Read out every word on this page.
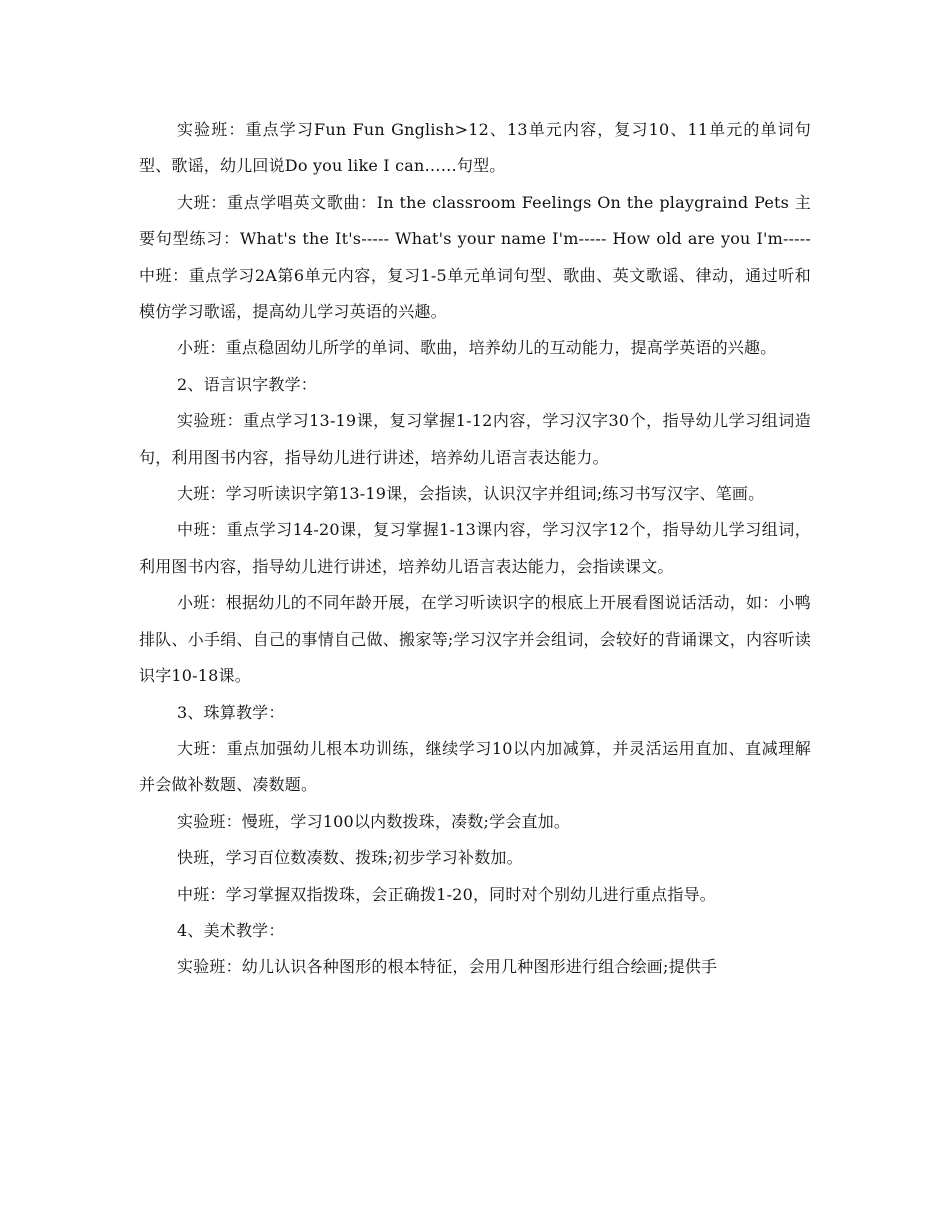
实验班：重点学习Fun Fun Gnglish>12、13单元内容，复习10、11单元的单词句型、歌谣，幼儿回说Do you like I can……句型。

大班：重点学唱英文歌曲：In the classroom Feelings On the playgraind Pets 主要句型练习：What's the It's----- What's your name I'm----- How old are you I'm-----中班：重点学习2A第6单元内容，复习1-5单元单词句型、歌曲、英文歌谣、律动，通过听和模仿学习歌谣，提高幼儿学习英语的兴趣。

小班：重点稳固幼儿所学的单词、歌曲，培养幼儿的互动能力，提高学英语的兴趣。

2、语言识字教学：

实验班：重点学习13-19课，复习掌握1-12内容，学习汉字30个，指导幼儿学习组词造句，利用图书内容，指导幼儿进行讲述，培养幼儿语言表达能力。

大班：学习听读识字第13-19课，会指读，认识汉字并组词;练习书写汉字、笔画。

中班：重点学习14-20课，复习掌握1-13课内容，学习汉字12个，指导幼儿学习组词，利用图书内容，指导幼儿进行讲述，培养幼儿语言表达能力，会指读课文。

小班：根据幼儿的不同年龄开展，在学习听读识字的根底上开展看图说话活动，如：小鸭排队、小手绢、自己的事情自己做、搬家等;学习汉字并会组词，会较好的背诵课文，内容听读识字10-18课。

3、珠算教学：

大班：重点加强幼儿根本功训练，继续学习10以内加减算，并灵活运用直加、直减理解并会做补数题、凑数题。

实验班：慢班，学习100以内数拨珠，凑数;学会直加。

快班，学习百位数凑数、拨珠;初步学习补数加。

中班：学习掌握双指拨珠，会正确拨1-20，同时对个别幼儿进行重点指导。

4、美术教学：

实验班：幼儿认识各种图形的根本特征，会用几种图形进行组合绘画;提供手
